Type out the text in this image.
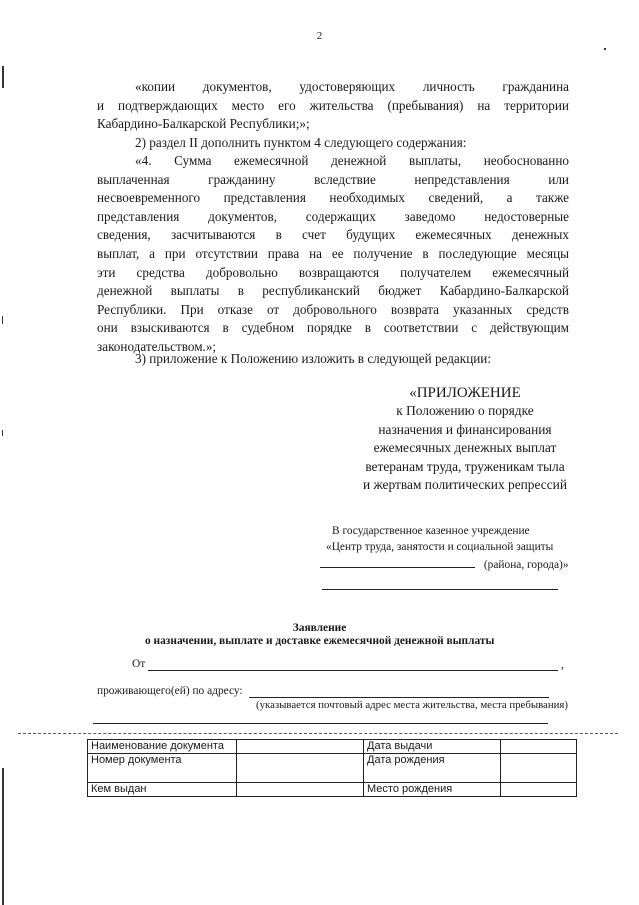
2

«копии документов, удостоверяющих личность гражданина

и подтверждающих место его жительства (пребывания) на территории

Кабардино-Балкарской Республики;»;

2) раздел II дополнить пунктом 4 следующего содержания:

«4. Сумма ежемесячной денежной выплаты, необоснованно

выплаченная гражданину вследствие непредставления или

несвоевременного представления необходимых сведений, а также

представления документов, содержащих заведомо недостоверные

сведения, засчитываются в счет будущих ежемесячных денежных

выплат, а при отсутствии права на ее получение в последующие месяцы

эти средства добровольно возвращаются получателем ежемесячный

денежной выплаты в республиканский бюджет Кабардино-Балкарской

Республики. При отказе от добровольного возврата указанных средств

они взыскиваются в судебном порядке в соответствии с действующим

законодательством.»;

3) приложение к Положению изложить в следующей редакции:

«ПРИЛОЖЕНИЕ
к Положению о порядке
назначения и финансирования
ежемесячных денежных выплат
ветеранам труда, труженикам тыла
и жертвам политических репрессий
В государственное казенное учреждение
«Центр труда, занятости и социальной защиты
(района, города)»
Заявление
о назначении, выплате и доставке ежемесячной денежной выплаты
От	,
проживающего(ей) по адресу:
(указывается почтовый адрес места жительства, места пребывания)
Наименование документа		Дата выдачи	
Номер документа		Дата рождения	
Кем выдан		Место рождения	
